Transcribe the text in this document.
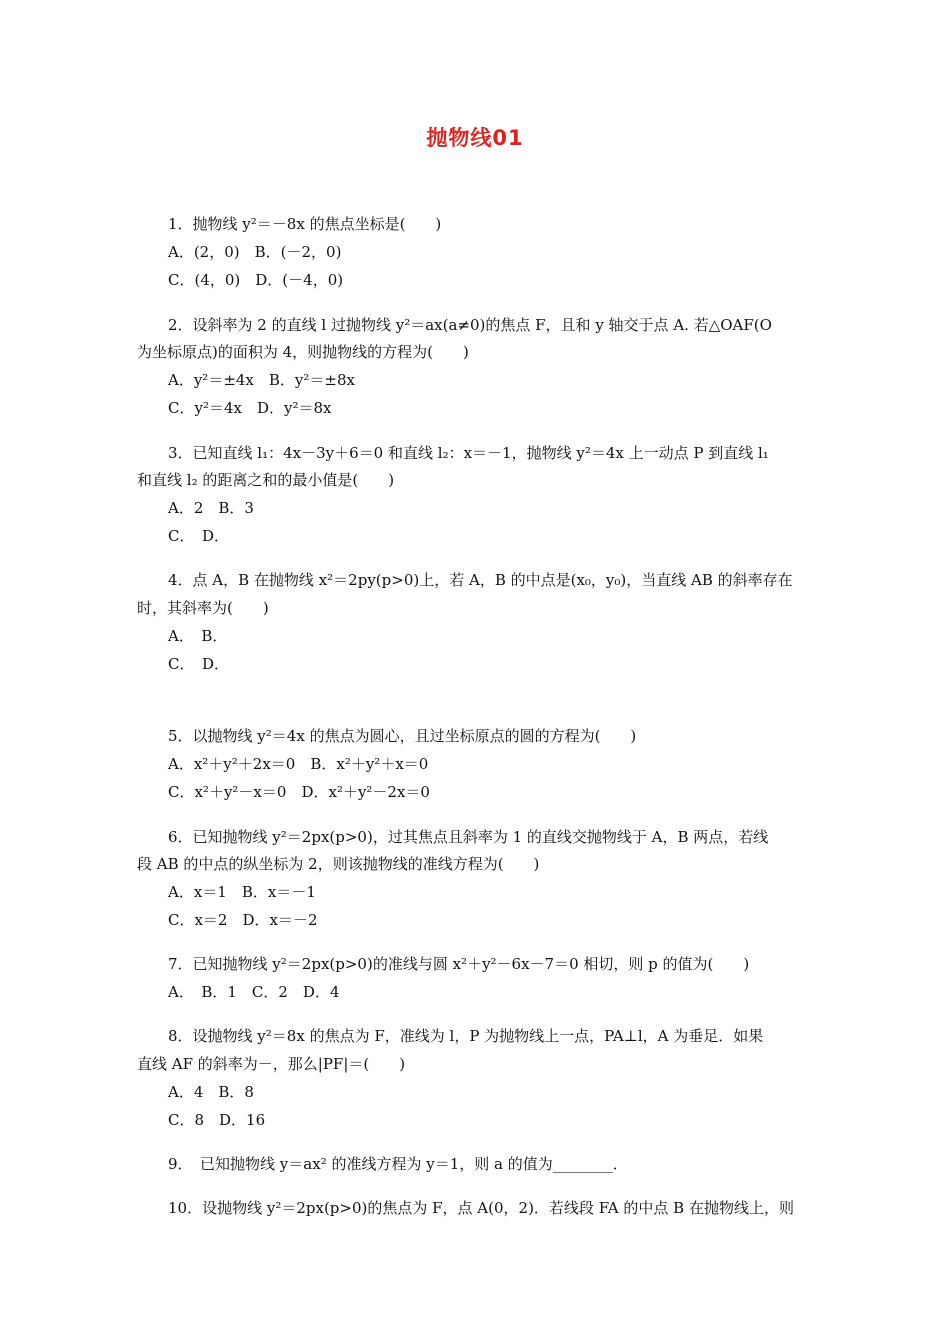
抛物线01
1．抛物线 y²＝－8x 的焦点坐标是(　　)
A．(2，0)　B．(－2，0)
C．(4，0)　D．(－4，0)
2．设斜率为 2 的直线 l 过抛物线 y²＝ax(a≠0)的焦点 F，且和 y 轴交于点 A. 若△OAF(O
为坐标原点)的面积为 4，则抛物线的方程为(　　)
A．y²＝±4x　B．y²＝±8x
C．y²＝4x　D．y²＝8x
3．已知直线 l₁：4x－3y＋6＝0 和直线 l₂：x＝－1，抛物线 y²＝4x 上一动点 P 到直线 l₁
和直线 l₂ 的距离之和的最小值是(　　)
A．2　B．3
C．　D．
4．点 A，B 在抛物线 x²＝2py(p>0)上，若 A，B 的中点是(x₀，y₀)，当直线 AB 的斜率存在
时，其斜率为(　　)
A．　B．
C．　D．
5．以抛物线 y²＝4x 的焦点为圆心，且过坐标原点的圆的方程为(　　)
A．x²＋y²＋2x＝0　B．x²＋y²＋x＝0
C．x²＋y²－x＝0　D．x²＋y²－2x＝0
6．已知抛物线 y²＝2px(p>0)，过其焦点且斜率为 1 的直线交抛物线于 A，B 两点，若线
段 AB 的中点的纵坐标为 2，则该抛物线的准线方程为(　　)
A．x＝1　B．x＝－1
C．x＝2　D．x＝－2
7．已知抛物线 y²＝2px(p>0)的准线与圆 x²＋y²－6x－7＝0 相切，则 p 的值为(　　)
A．　B．1　C．2　D．4
8．设抛物线 y²＝8x 的焦点为 F，准线为 l，P 为抛物线上一点，PA⊥l，A 为垂足．如果
直线 AF 的斜率为－，那么|PF|＝(　　)
A．4　B．8
C．8　D．16
9．　已知抛物线 y＝ax² 的准线方程为 y＝1，则 a 的值为________．
10．设抛物线 y²＝2px(p>0)的焦点为 F，点 A(0，2)．若线段 FA 的中点 B 在抛物线上，则
